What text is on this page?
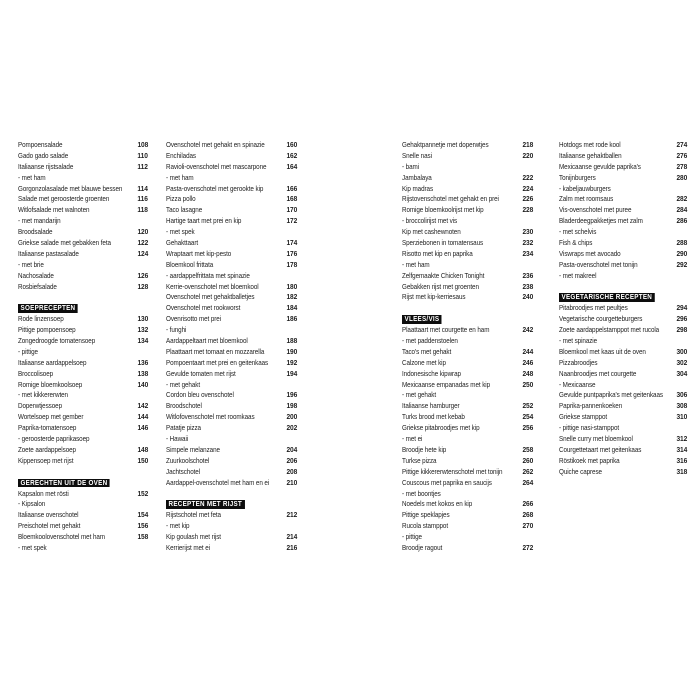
Pompoensalade	108
Gado gado salade	110
Italiaanse rijstsalade	112
- met ham
Gorgonzolasalade met blauwe bessen 114
Salade met geroosterde groenten	116
Witlofsalade met walnoten	118
- met mandarijn
Broodsalade	120
Griekse salade met gebakken feta	122
Italiaanse pastasalade	124
- met brie
Nachosalade	126
Rosbiefsalade	128
SOEPRECEPTEN
Rode linzensoep	130
Pittige pompoensoep	132
Zongedroogde tomatensoep	134
- pittige
Italiaanse aardappelsoep	136
Broccolisoep	138
Romige bloemkoolsoep	140
- met kikkererwten
Doperwtjessoep	142
Wortelsoep met gember	144
Paprika-tomatensoep	146
- geroosterde paprikasoep
Zoete aardappelsoep	148
Kippensoep met rijst	150
GERECHTEN UIT DE OVEN
Kapsalon met rösti	152
- Kipsalon
Italiaanse ovenschotel	154
Preischotel met gehakt	156
Bloemkoolovenschotel met ham	158
- met spek
Ovenschotel met gehakt en spinazie	160
Enchiladas	162
Ravioli-ovenschotel met mascarpone	164
- met ham
Pasta-ovenschotel met gerookte kip	166
Pizza pollo	168
Taco lasagne	170
Hartige taart met prei en kip	172
- met spek
Gehakttaart	174
Wraptaart met kip-pesto	176
Bloemkool frittata	178
- aardappelfrittata met spinazie
Kerrie-ovenschotel met bloemkool	180
Ovenschotel met gehaktballetjes	182
Ovenschotel met rookworst	184
Ovenrisotto met prei	186
- funghi
Aardappeltaart met bloemkool	188
Plaattaart met tomaat en mozzarella	190
Pompoentaart met prei en geitenkaas 192
Gevulde tomaten met rijst	194
- met gehakt
Cordon bleu ovenschotel	196
Broodschotel	198
Witlofovenschotel met roomkaas	200
Patatje pizza	202
- Hawaii
Simpele melanzane	204
Zuurkoolschotel	206
Jachtschotel	208
Aardappel-ovenschotel met ham en ei 210
RECEPTEN MET RIJST
Rijstschotel met feta	212
- met kip
Kip goulash met rijst	214
Kerrierijst met ei	216
Gehaktpannetje met doperwtjes	218
Snelle nasi	220
- bami
Jambalaya	222
Kip madras	224
Rijstovenschotel met gehakt en prei	226
Romige bloemkoolrijst met kip	228
- broccolirijst met vis
Kip met cashewnoten	230
Sperziebonen in tomatensaus	232
Risotto met kip en paprika	234
- met ham
Zelfgemaakte Chicken Tonight	236
Gebakken rijst met groenten	238
Rijst met kip-kerriesaus	240
VLEES/VIS
Plaattaart met courgette en ham	242
- met paddenstoelen
Taco's met gehakt	244
Calzone met kip	246
Indonesische kipwrap	248
Mexicaanse empanadas met kip	250
- met gehakt
Italiaanse hamburger	252
Turks brood met kebab	254
Griekse pitabroodjes met kip	256
- met ei
Broodje hete kip	258
Turkse pizza	260
Pittige kikkererwtenschotel met tonijn	262
Couscous met paprika en saucijs	264
- met boontjes
Noedels met kokos en kip	266
Pittige speklapjes	268
Rucola stamppot	270
- pittige
Broodje ragout	272
Hotdogs met rode kool	274
Italiaanse gehaktballen	276
Mexicaanse gevulde paprika's	278
Tonijnburgers	280
- kabeljauwburgers
Zalm met roomsaus	282
Vis-ovenschotel met puree	284
Bladerdeegpakketjes met zalm	286
- met schelvis
Fish & chips	288
Viswraps met avocado	290
Pasta-ovenschotel met tonijn	292
- met makreel
VEGETARISCHE RECEPTEN
Pitabroodjes met peultjes	294
Vegetarische courgetteburgers	296
Zoete aardappelstamppot met rucola 298
- met spinazie
Bloemkool met kaas uit de oven	300
Pizzabroodjes	302
Naanbroodjes met courgette	304
- Mexicaanse
Gevulde puntpaprika's met geitenkaas 306
Paprika-pannenkoeken	308
Griekse stamppot	310
- pittige nasi-stamppot
Snelle curry met bloemkool	312
Courgettetaart met geitenkaas	314
Röstikoek met paprika	316
Quiche caprese	318
